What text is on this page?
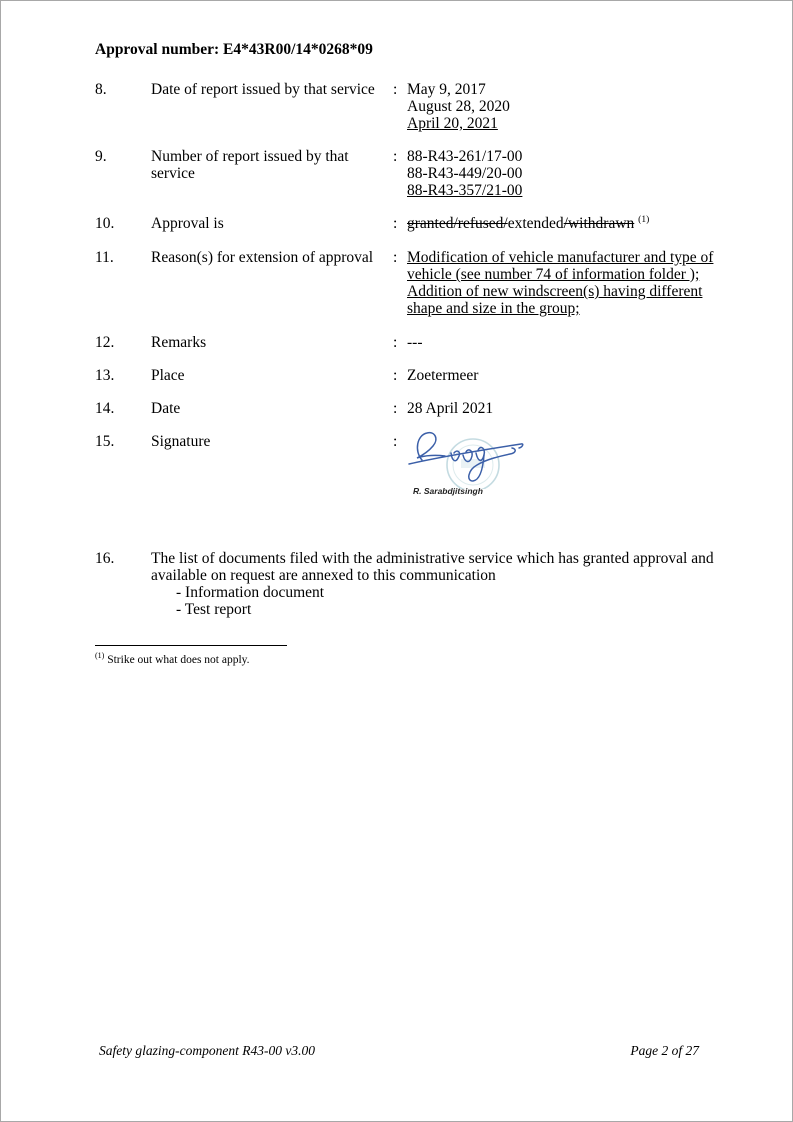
Approval number: E4*43R00/14*0268*09
8.	Date of report issued by that service	: May 9, 2017
August 28, 2020
April 20, 2021
9.	Number of report issued by that service
: 88-R43-261/17-00
88-R43-449/20-00
88-R43-357/21-00
10.	Approval is	: granted/refused/extended/withdrawn $^{(1)}$
11.	Reason(s) for extension of approval	: Modification of vehicle manufacturer and type of
vehicle (see number 74 of information folder );
Addition of new windscreen(s) having different
shape and size in the group;
12.	Remarks	: ---
13.	Place	: Zoetermeer
14.	Date	: 28 April 2021
15.	Signature	:
R. Sarabdjitsingh
16.	The list of documents filed with the administrative service which has granted approval and
available on request are annexed to this communication
- Information document
- Test report
$^{(1)}$ Strike out what does not apply.
Safety glazing-component R43-00 v3.00	Page 2 of 27
